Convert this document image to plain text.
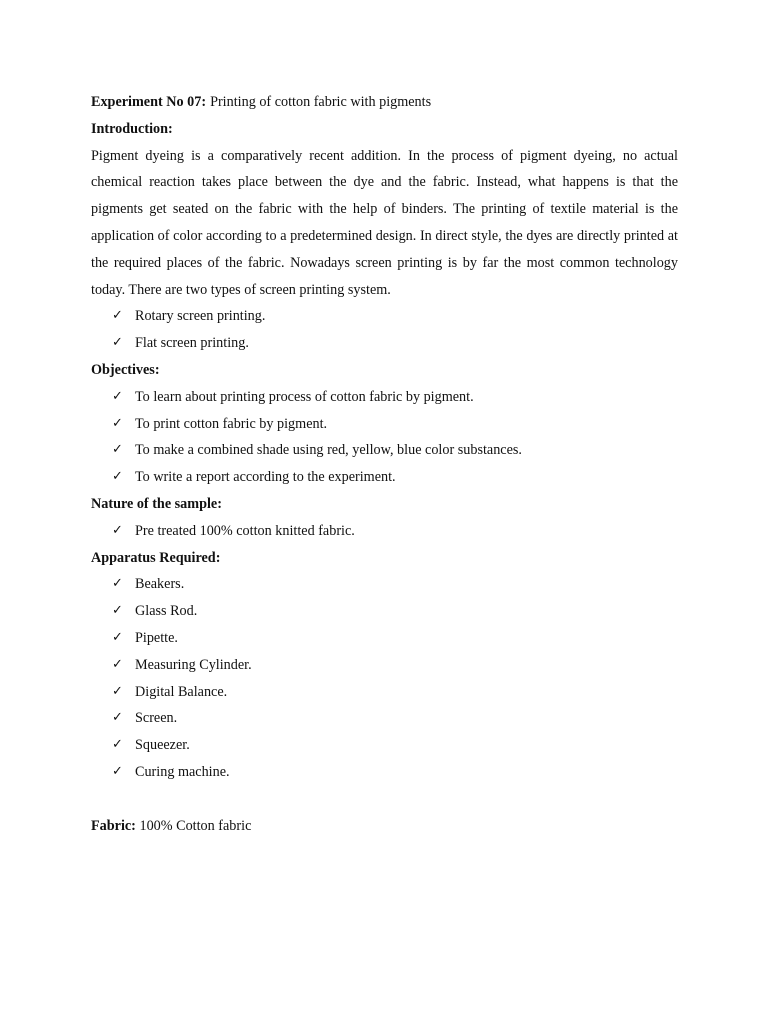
Experiment No 07: Printing of cotton fabric with pigments
Introduction:
Pigment dyeing is a comparatively recent addition. In the process of pigment dyeing, no actual chemical reaction takes place between the dye and the fabric. Instead, what happens is that the pigments get seated on the fabric with the help of binders. The printing of textile material is the application of color according to a predetermined design. In direct style, the dyes are directly printed at the required places of the fabric. Nowadays screen printing is by far the most common technology today. There are two types of screen printing system.
✓ Rotary screen printing.
✓ Flat screen printing.
Objectives:
✓ To learn about printing process of cotton fabric by pigment.
✓ To print cotton fabric by pigment.
✓ To make a combined shade using red, yellow, blue color substances.
✓ To write a report according to the experiment.
Nature of the sample:
✓ Pre treated 100% cotton knitted fabric.
Apparatus Required:
✓ Beakers.
✓ Glass Rod.
✓ Pipette.
✓ Measuring Cylinder.
✓ Digital Balance.
✓ Screen.
✓ Squeezer.
✓ Curing machine.
Fabric: 100% Cotton fabric
